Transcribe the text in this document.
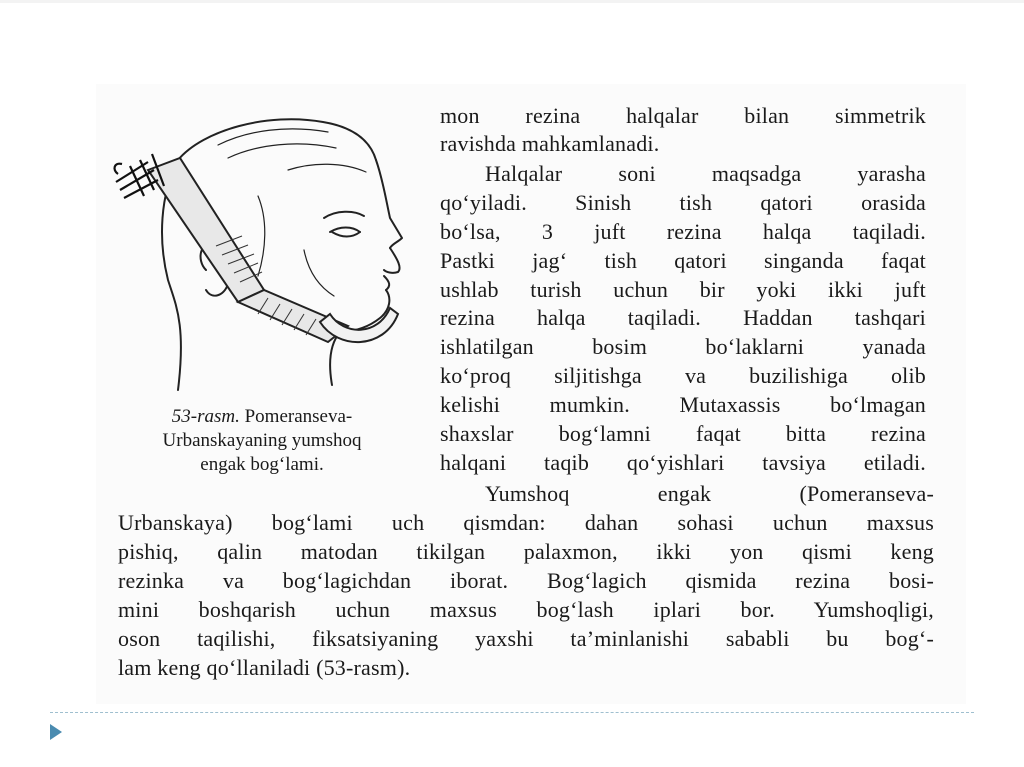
53-rasm. Pomeranseva-
Urbanskayaning yumshoq
engak bog‘lami.
mon rezina halqalar bilan simmetrik
ravishda mahkamlanadi.
Halqalar soni maqsadga yarasha
qo‘yiladi. Sinish tish qatori orasida
bo‘lsa, 3 juft rezina halqa taqiladi.
Pastki jag‘ tish qatori singanda faqat
ushlab turish uchun bir yoki ikki juft
rezina halqa taqiladi. Haddan tashqari
ishlatilgan bosim bo‘laklarni yanada
ko‘proq siljitishga va buzilishiga olib
kelishi mumkin. Mutaxassis bo‘lmagan
shaxslar bog‘lamni faqat bitta rezina
halqani taqib qo‘yishlari tavsiya etiladi.
Yumshoq engak (Pomeranseva-
Urbanskaya) bog‘lami uch qismdan: dahan sohasi uchun maxsus
pishiq, qalin matodan tikilgan palaxmon, ikki yon qismi keng
rezinka va bog‘lagichdan iborat. Bog‘lagich qismida rezina bosi-
mini boshqarish uchun maxsus bog‘lash iplari bor. Yumshoqligi,
oson taqilishi, fiksatsiyaning yaxshi ta’minlanishi sababli bu bog‘-
lam keng qo‘llaniladi (53-rasm).
